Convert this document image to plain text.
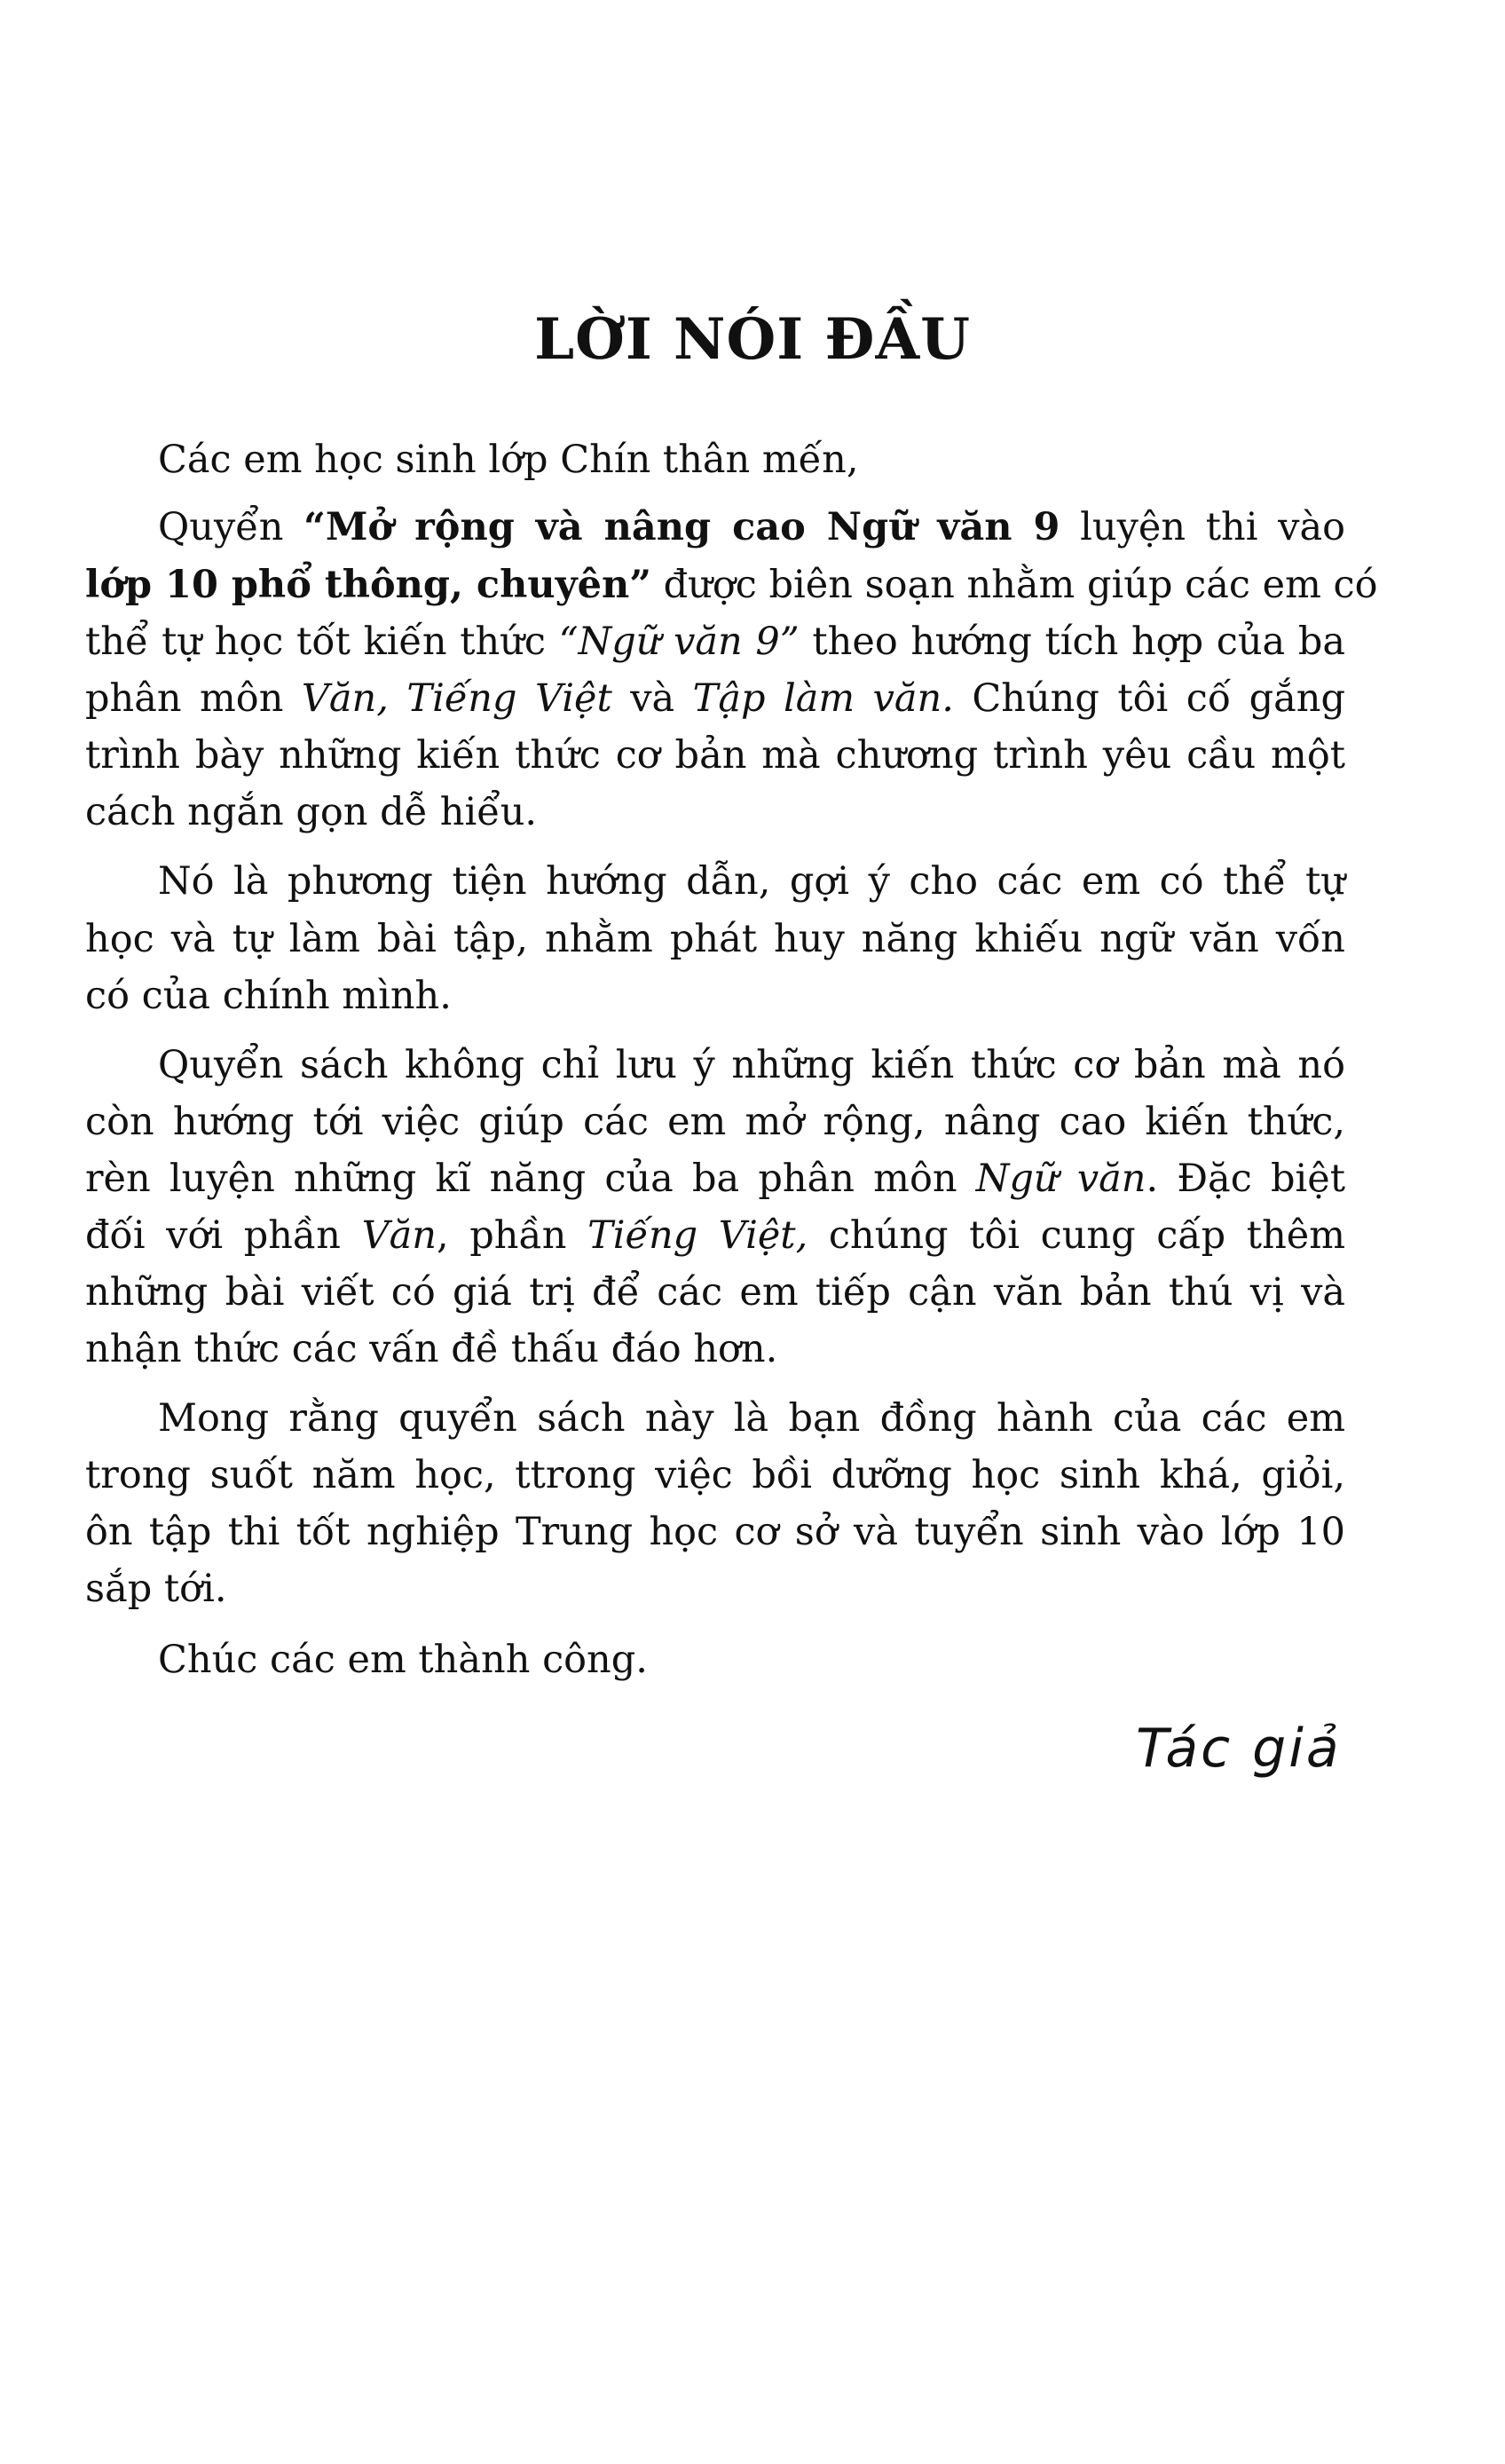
LỜI NÓI ĐẦU
Các em học sinh lớp Chín thân mến,
Quyển “Mở rộng và nâng cao Ngữ văn 9 luyện thi vào
lớp 10 phổ thông, chuyên” được biên soạn nhằm giúp các em có
thể tự học tốt kiến thức “Ngữ văn 9” theo hướng tích hợp của ba
phân môn Văn, Tiếng Việt và Tập làm văn. Chúng tôi cố gắng
trình bày những kiến thức cơ bản mà chương trình yêu cầu một
cách ngắn gọn dễ hiểu.
Nó là phương tiện hướng dẫn, gợi ý cho các em có thể tự
học và tự làm bài tập, nhằm phát huy năng khiếu ngữ văn vốn
có của chính mình.
Quyển sách không chỉ lưu ý những kiến thức cơ bản mà nó
còn hướng tới việc giúp các em mở rộng, nâng cao kiến thức,
rèn luyện những kĩ năng của ba phân môn Ngữ văn. Đặc biệt
đối với phần Văn, phần Tiếng Việt, chúng tôi cung cấp thêm
những bài viết có giá trị để các em tiếp cận văn bản thú vị và
nhận thức các vấn đề thấu đáo hơn.
Mong rằng quyển sách này là bạn đồng hành của các em
trong suốt năm học, ttrong việc bồi dưỡng học sinh khá, giỏi,
ôn tập thi tốt nghiệp Trung học cơ sở và tuyển sinh vào lớp 10
sắp tới.
Chúc các em thành công.
Tác giả
